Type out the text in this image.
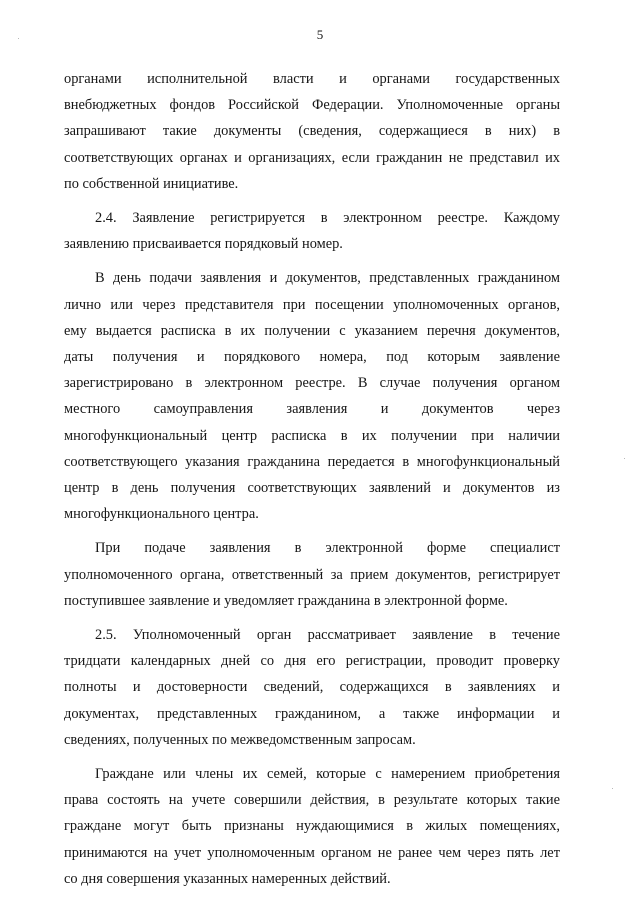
5

органами исполнительной власти и органами государственных
внебюджетных фондов Российской Федерации. Уполномоченные органы
запрашивают такие документы (сведения, содержащиеся в них) в
соответствующих органах и организациях, если гражданин не представил их
по собственной инициативе.

2.4. Заявление регистрируется в электронном реестре. Каждому
заявлению присваивается порядковый номер.

В день подачи заявления и документов, представленных гражданином
лично или через представителя при посещении уполномоченных органов,
ему выдается расписка в их получении с указанием перечня документов,
даты получения и порядкового номера, под которым заявление
зарегистрировано в электронном реестре. В случае получения органом
местного самоуправления заявления и документов через
многофункциональный центр расписка в их получении при наличии
соответствующего указания гражданина передается в многофункциональный
центр в день получения соответствующих заявлений и документов из
многофункционального центра.

При подаче заявления в электронной форме специалист
уполномоченного органа, ответственный за прием документов, регистрирует
поступившее заявление и уведомляет гражданина в электронной форме.

2.5. Уполномоченный орган рассматривает заявление в течение
тридцати календарных дней со дня его регистрации, проводит проверку
полноты и достоверности сведений, содержащихся в заявлениях и
документах, представленных гражданином, а также информации и
сведениях, полученных по межведомственным запросам.

Граждане или члены их семей, которые с намерением приобретения
права состоять на учете совершили действия, в результате которых такие
граждане могут быть признаны нуждающимися в жилых помещениях,
принимаются на учет уполномоченным органом не ранее чем через пять лет
со дня совершения указанных намеренных действий.
